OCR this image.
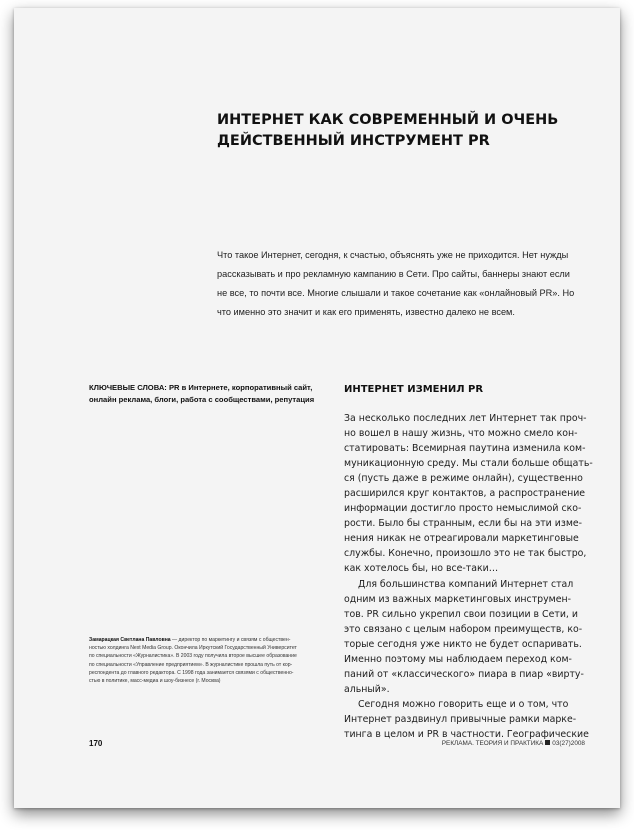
ИНТЕРНЕТ КАК СОВРЕМЕННЫЙ И ОЧЕНЬ
ДЕЙСТВЕННЫЙ ИНСТРУМЕНТ PR
Что такое Интернет, сегодня, к счастью, объяснять уже не приходится. Нет нужды
рассказывать и про рекламную кампанию в Сети. Про сайты, баннеры знают если
не все, то почти все. Многие слышали и такое сочетание как «онлайновый PR». Но
что именно это значит и как его применять, известно далеко не всем.
КЛЮЧЕВЫЕ СЛОВА: PR в Интернете, корпоративный сайт,
онлайн реклама, блоги, работа с сообществами, репутация
ИНТЕРНЕТ ИЗМЕНИЛ PR
За несколько последних лет Интернет так проч-
но вошел в нашу жизнь, что можно смело кон-
статировать: Всемирная паутина изменила ком-
муникационную среду. Мы стали больше общать-
ся (пусть даже в режиме онлайн), существенно
расширился круг контактов, а распространение
информации достигло просто немыслимой ско-
рости. Было бы странным, если бы на эти изме-
нения никак не отреагировали маркетинговые
службы. Конечно, произошло это не так быстро,
как хотелось бы, но все-таки…
Для большинства компаний Интернет стал
одним из важных маркетинговых инструмен-
тов. PR сильно укрепил свои позиции в Сети, и
это связано с целым набором преимуществ, ко-
торые сегодня уже никто не будет оспаривать.
Именно поэтому мы наблюдаем переход ком-
паний от «классического» пиара в пиар «вирту-
альный».
Сегодня можно говорить еще и о том, что
Интернет раздвинул привычные рамки марке-
тинга в целом и PR в частности. Географические
Замарацкая Светлана Павловна — директор по маркетингу и связям с обществен-
ностью холдинга Next Media Group. Окончила Иркутский Государственный Университет
по специальности «Журналистика». В 2003 году получила второе высшее образование
по специальности «Управление предприятием». В журналистике прошла путь от кор-
респондента до главного редактора. С 1998 года занимается связями с общественно-
стью в политике, масс-медиа и шоу-бизнесе (г. Москва)
170	РЕКЛАМА. ТЕОРИЯ И ПРАКТИКА 03(27)2008
